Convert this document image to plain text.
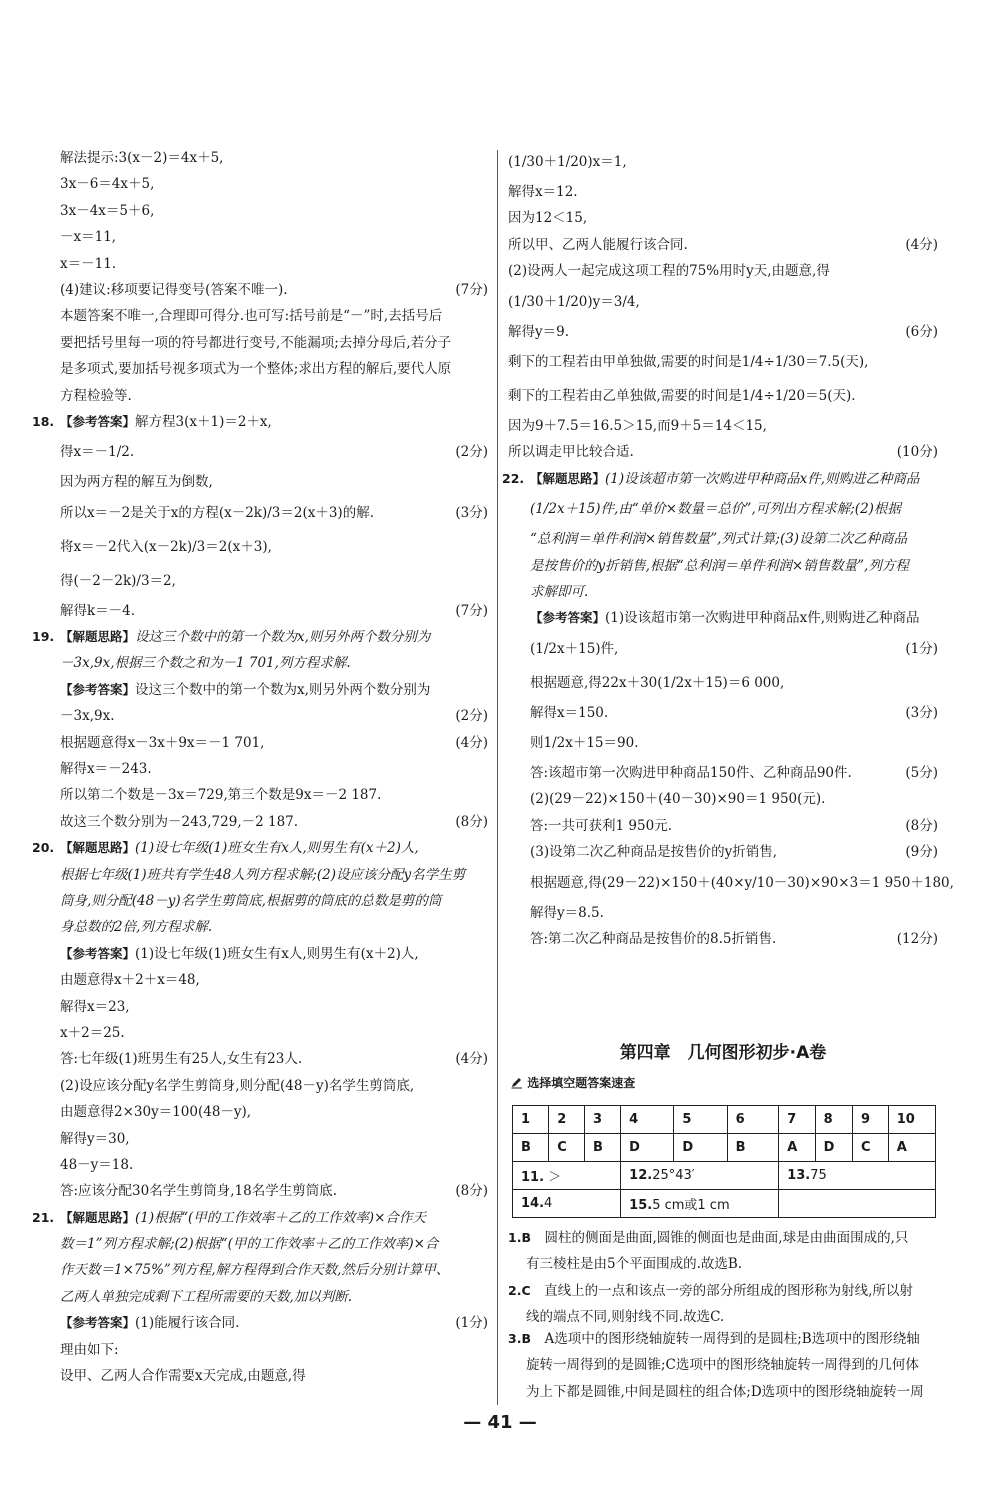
解法提示:3(x－2)＝4x＋5,
3x－6＝4x＋5,
3x－4x＝5＋6,
－x＝11,
x＝－11.
(4)建议:移项要记得变号(答案不唯一).	(7分)
本题答案不唯一,合理即可得分.也可写:括号前是“－”时,去括号后
要把括号里每一项的符号都进行变号,不能漏项;去掉分母后,若分子
是多项式,要加括号视多项式为一个整体;求出方程的解后,要代人原
方程检验等.
18. 【参考答案】解方程3(x＋1)＝2＋x,
得x＝－1/2.	(2分)
因为两方程的解互为倒数,
所以x＝－2是关于x的方程(x－2k)/3＝2(x＋3)的解.	(3分)
将x＝－2代入(x－2k)/3＝2(x＋3),
得(－2－2k)/3＝2,
解得k＝－4.	(7分)
19. 【解题思路】设这三个数中的第一个数为x,则另外两个数分别为
－3x,9x,根据三个数之和为－1 701,列方程求解.
【参考答案】设这三个数中的第一个数为x,则另外两个数分别为
－3x,9x.	(2分)
根据题意得x－3x＋9x＝－1 701,	(4分)
解得x＝－243.
所以第二个数是－3x＝729,第三个数是9x＝－2 187.
故这三个数分别为－243,729,－2 187.	(8分)
20. 【解题思路】(1)设七年级(1)班女生有x人,则男生有(x＋2)人,
根据七年级(1)班共有学生48人列方程求解;(2)设应该分配y名学生剪
筒身,则分配(48－y)名学生剪筒底,根据剪的筒底的总数是剪的筒
身总数的2倍,列方程求解.
【参考答案】(1)设七年级(1)班女生有x人,则男生有(x＋2)人,
由题意得x＋2＋x＝48,
解得x＝23,
x＋2＝25.
答:七年级(1)班男生有25人,女生有23人.	(4分)
(2)设应该分配y名学生剪筒身,则分配(48－y)名学生剪筒底,
由题意得2×30y＝100(48－y),
解得y＝30,
48－y＝18.
答:应该分配30名学生剪筒身,18名学生剪筒底.	(8分)
21. 【解题思路】(1)根据“(甲的工作效率＋乙的工作效率)×合作天
数＝1”列方程求解;(2)根据“(甲的工作效率＋乙的工作效率)×合
作天数＝1×75%”列方程,解方程得到合作天数,然后分别计算甲、
乙两人单独完成剩下工程所需要的天数,加以判断.
【参考答案】(1)能履行该合同.	(1分)
理由如下:
设甲、乙两人合作需要x天完成,由题意,得
(1/30＋1/20)x＝1,
解得x＝12.
因为12＜15,
所以甲、乙两人能履行该合同.	(4分)
(2)设两人一起完成这项工程的75%用时y天,由题意,得
(1/30＋1/20)y＝3/4,
解得y＝9.	(6分)
剩下的工程若由甲单独做,需要的时间是1/4÷1/30＝7.5(天),
剩下的工程若由乙单独做,需要的时间是1/4÷1/20＝5(天).
因为9＋7.5＝16.5＞15,而9＋5＝14＜15,
所以调走甲比较合适.	(10分)
22. 【解题思路】(1)设该超市第一次购进甲种商品x件,则购进乙种商品
(1/2x＋15)件,由“单价×数量＝总价”,可列出方程求解;(2)根据
“总利润＝单件利润×销售数量”,列式计算;(3)设第二次乙种商品
是按售价的y折销售,根据“总利润＝单件利润×销售数量”,列方程
求解即可.
【参考答案】(1)设该超市第一次购进甲种商品x件,则购进乙种商品
(1/2x＋15)件,	(1分)
根据题意,得22x＋30(1/2x＋15)＝6 000,
解得x＝150.	(3分)
则1/2x＋15＝90.
答:该超市第一次购进甲种商品150件、乙种商品90件.	(5分)
(2)(29－22)×150＋(40－30)×90＝1 950(元).
答:一共可获利1 950元.	(8分)
(3)设第二次乙种商品是按售价的y折销售,	(9分)
根据题意,得(29－22)×150＋(40×y/10－30)×90×3＝1 950＋180,
解得y＝8.5.
答:第二次乙种商品是按售价的8.5折销售.	(12分)
第四章　几何图形初步·A卷
选择填空题答案速查
1	2	3	4	5	6	7	8	9	10
B	C	B	D	D	B	A	D	C	A
11. ＞			12.25°43′			13.75			
14.4			15.5 cm或1 cm						
1.B　 圆柱的侧面是曲面,圆锥的侧面也是曲面,球是由曲面围成的,只
有三棱柱是由5个平面围成的.故选B.
2.C　 直线上的一点和该点一旁的部分所组成的图形称为射线,所以射
线的端点不同,则射线不同.故选C.
3.B　 A选项中的图形绕轴旋转一周得到的是圆柱;B选项中的图形绕轴
旋转一周得到的是圆锥;C选项中的图形绕轴旋转一周得到的几何体
为上下都是圆锥,中间是圆柱的组合体;D选项中的图形绕轴旋转一周
— 41 —
